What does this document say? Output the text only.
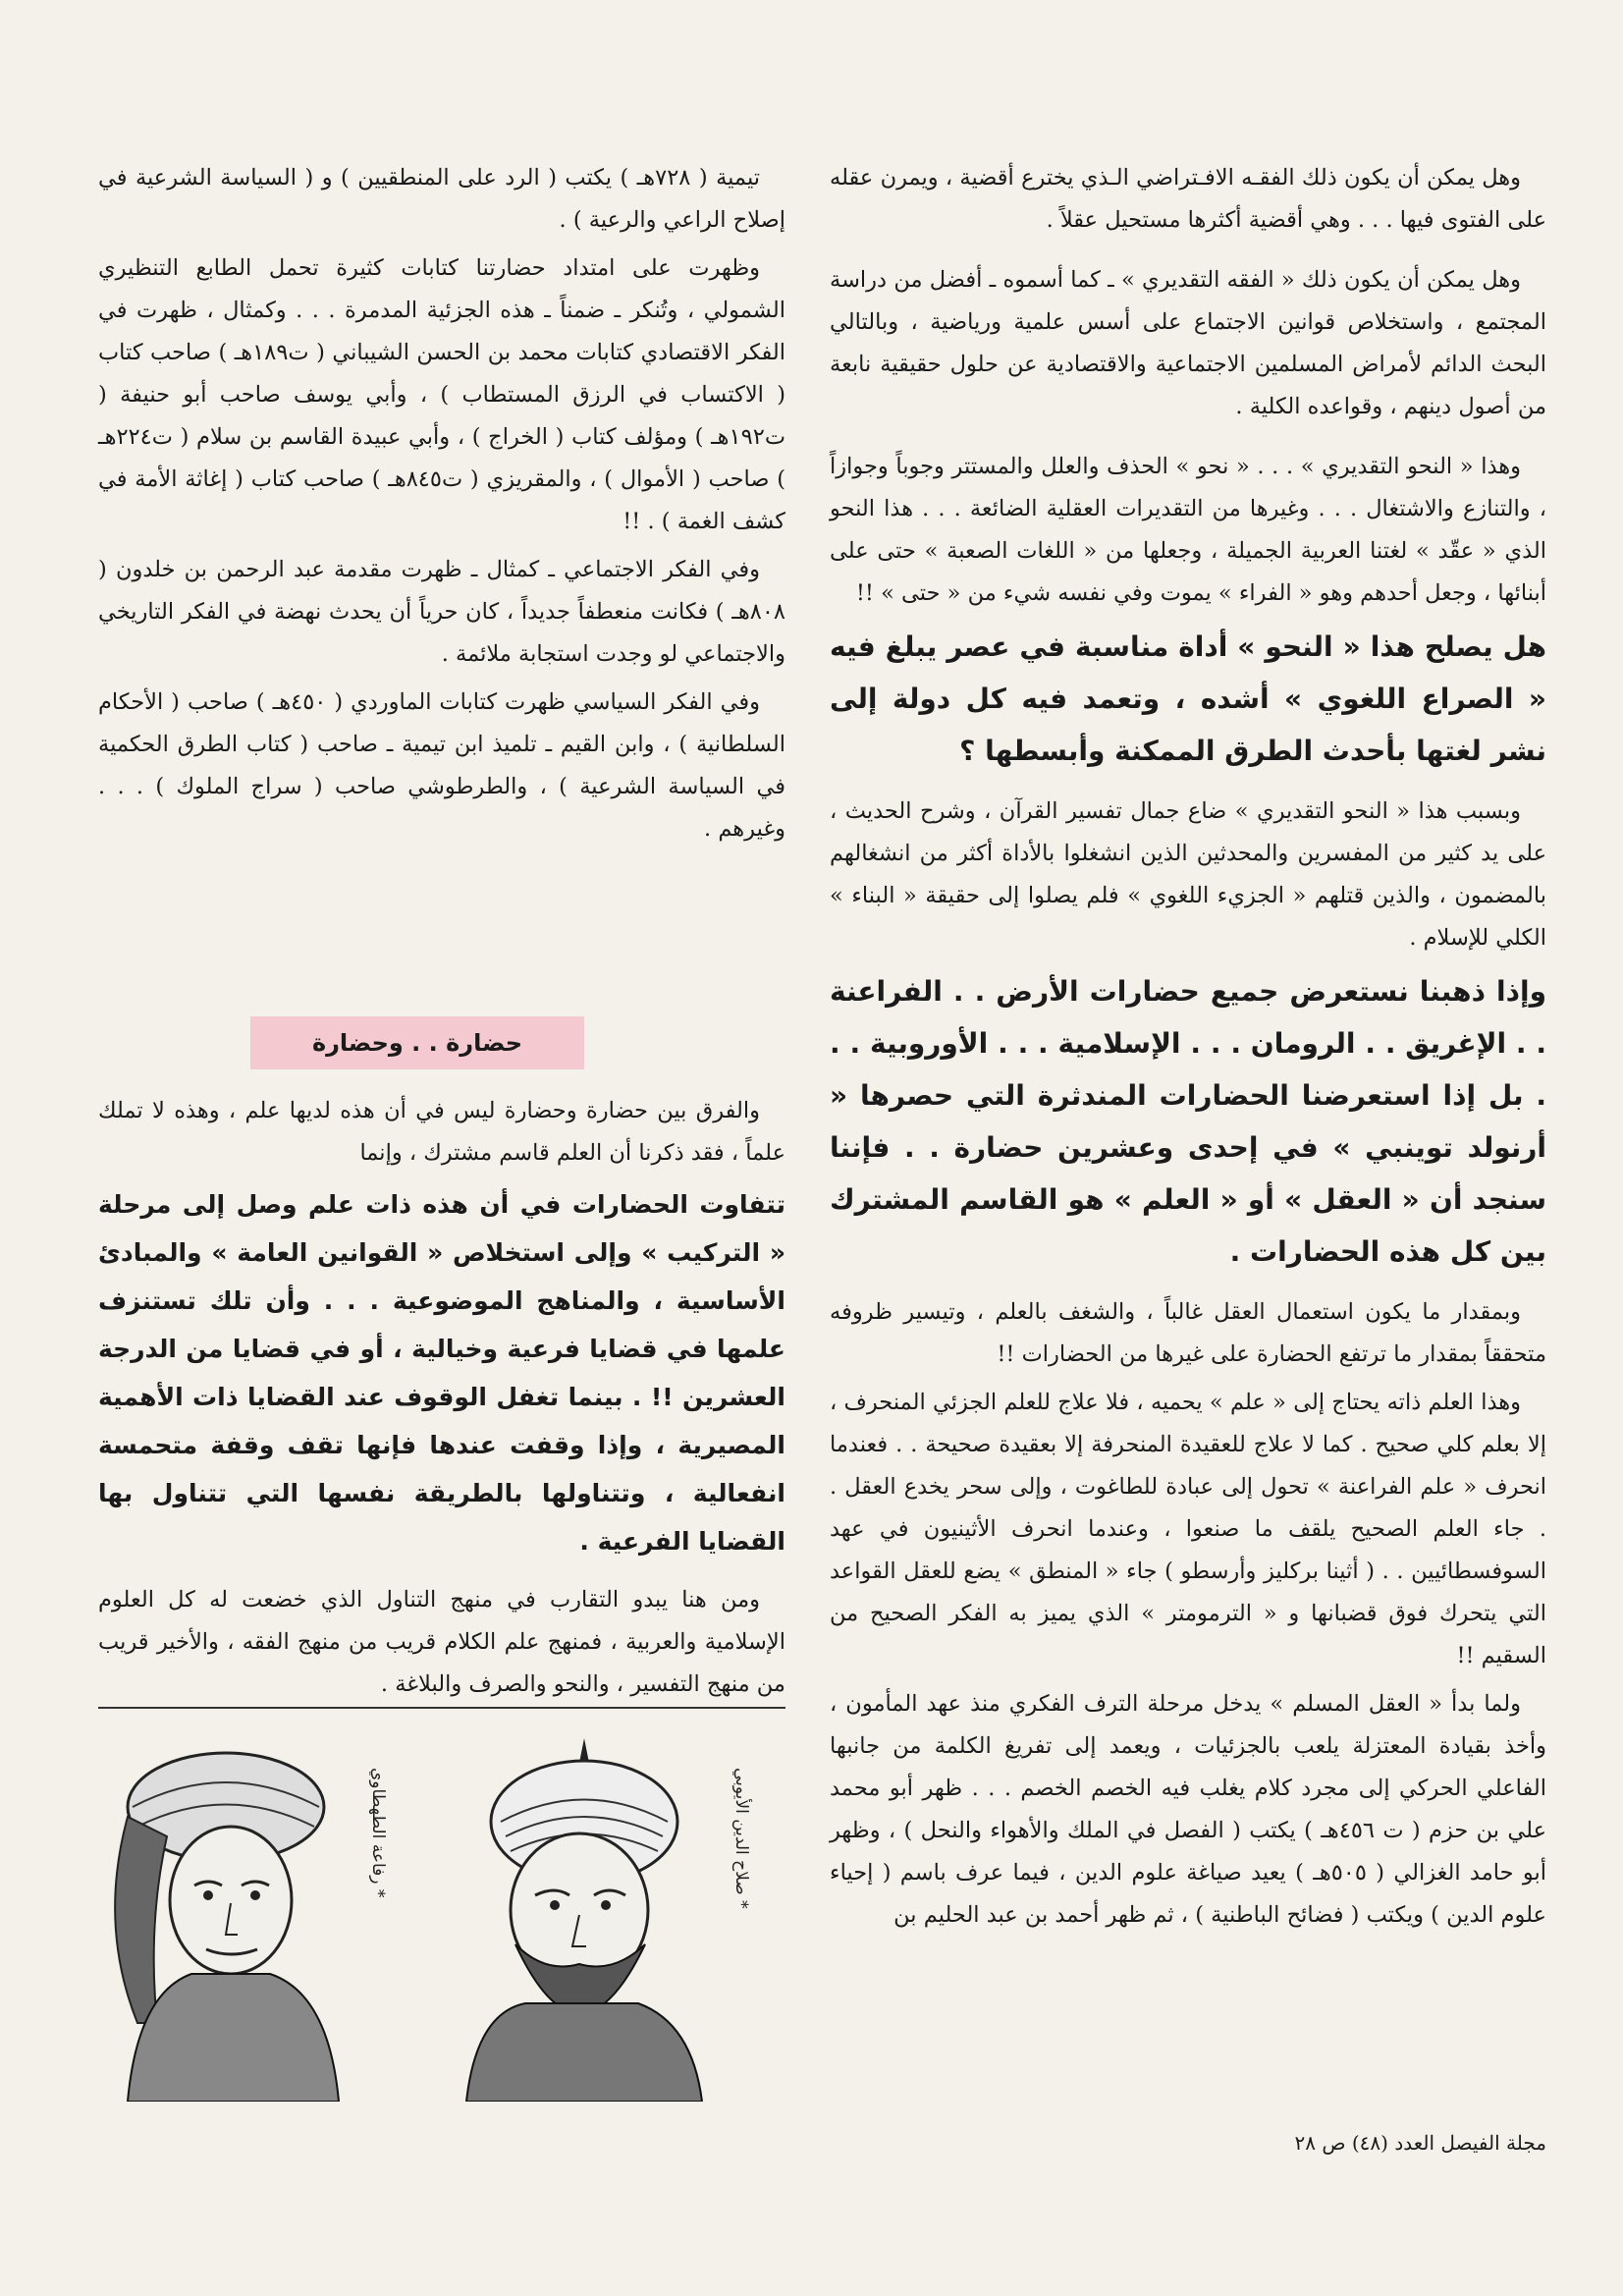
وهل يمكن أن يكون ذلك الفقـه الافـتراضي الـذي يخترع أقضية ، ويمرن عقله على الفتوى فيها . . . وهي أقضية أكثرها مستحيل عقلاً .

وهل يمكن أن يكون ذلك « الفقه التقديري » ـ كما أسموه ـ أفضل من دراسة المجتمع ، واستخلاص قوانين الاجتماع على أسس علمية ورياضية ، وبالتالي البحث الدائم لأمراض المسلمين الاجتماعية والاقتصادية عن حلول حقيقية نابعة من أصول دينهم ، وقواعده الكلية .

وهذا « النحو التقديري » . . . « نحو » الحذف والعلل والمستتر وجوباً وجوازاً ، والتنازع والاشتغال . . . وغيرها من التقديرات العقلية الضائعة . . . هذا النحو الذي « عقّد » لغتنا العربية الجميلة ، وجعلها من « اللغات الصعبة » حتى على أبنائها ، وجعل أحدهم وهو « الفراء » يموت وفي نفسه شيء من « حتى » !!

هل يصلح هذا « النحو » أداة مناسبة في عصر يبلغ فيه « الصراع اللغوي » أشده ، وتعمد فيه كل دولة إلى نشر لغتها بأحدث الطرق الممكنة وأبسطها ؟

وبسبب هذا « النحو التقديري » ضاع جمال تفسير القرآن ، وشرح الحديث ، على يد كثير من المفسرين والمحدثين الذين انشغلوا بالأداة أكثر من انشغالهم بالمضمون ، والذين قتلهم « الجزيء اللغوي » فلم يصلوا إلى حقيقة « البناء » الكلي للإسلام .

وإذا ذهبنا نستعرض جميع حضارات الأرض . . الفراعنة . . الإغريق . . الرومان . . . الإسلامية . . . الأوروبية . . . بل إذا استعرضنا الحضارات المندثرة التي حصرها « أرنولد توينبي » في إحدى وعشرين حضارة . . فإننا سنجد أن « العقل » أو « العلم » هو القاسم المشترك بين كل هذه الحضارات .

وبمقدار ما يكون استعمال العقل غالباً ، والشغف بالعلم ، وتيسير ظروفه متحققاً بمقدار ما ترتفع الحضارة على غيرها من الحضارات !!

وهذا العلم ذاته يحتاج إلى « علم » يحميه ، فلا علاج للعلم الجزئي المنحرف ، إلا بعلم كلي صحيح . كما لا علاج للعقيدة المنحرفة إلا بعقيدة صحيحة . . فعندما انحرف « علم الفراعنة » تحول إلى عبادة للطاغوت ، وإلى سحر يخدع العقل . . جاء العلم الصحيح يلقف ما صنعوا ، وعندما انحرف الأثينيون في عهد السوفسطائيين . . ( أثينا بركليز وأرسطو ) جاء « المنطق » يضع للعقل القواعد التي يتحرك فوق قضبانها و « الترمومتر » الذي يميز به الفكر الصحيح من السقيم !!

ولما بدأ « العقل المسلم » يدخل مرحلة الترف الفكري منذ عهد المأمون ، وأخذ بقيادة المعتزلة يلعب بالجزئيات ، ويعمد إلى تفريغ الكلمة من جانبها الفاعلي الحركي إلى مجرد كلام يغلب فيه الخصم الخصم . . . ظهر أبو محمد علي بن حزم ( ت ٤٥٦هـ ) يكتب ( الفصل في الملك والأهواء والنحل ) ، وظهر أبو حامد الغزالي ( ٥٠٥هـ ) يعيد صياغة علوم الدين ، فيما عرف باسم ( إحياء علوم الدين ) ويكتب ( فضائح الباطنية ) ، ثم ظهر أحمد بن عبد الحليم بن

تيمية ( ٧٢٨هـ ) يكتب ( الرد على المنطقيين ) و ( السياسة الشرعية في إصلاح الراعي والرعية ) .

وظهرت على امتداد حضارتنا كتابات كثيرة تحمل الطابع التنظيري الشمولي ، وتُنكر ـ ضمناً ـ هذه الجزئية المدمرة . . . وكمثال ، ظهرت في الفكر الاقتصادي كتابات محمد بن الحسن الشيباني ( ت١٨٩هـ ) صاحب كتاب ( الاكتساب في الرزق المستطاب ) ، وأبي يوسف صاحب أبو حنيفة ( ت١٩٢هـ ) ومؤلف كتاب ( الخراج ) ، وأبي عبيدة القاسم بن سلام ( ت٢٢٤هـ ) صاحب ( الأموال ) ، والمقريزي ( ت٨٤٥هـ ) صاحب كتاب ( إغاثة الأمة في كشف الغمة ) . !!

وفي الفكر الاجتماعي ـ كمثال ـ ظهرت مقدمة عبد الرحمن بن خلدون ( ٨٠٨هـ ) فكانت منعطفاً جديداً ، كان حرياً أن يحدث نهضة في الفكر التاريخي والاجتماعي لو وجدت استجابة ملائمة .

وفي الفكر السياسي ظهرت كتابات الماوردي ( ٤٥٠هـ ) صاحب ( الأحكام السلطانية ) ، وابن القيم ـ تلميذ ابن تيمية ـ صاحب ( كتاب الطرق الحكمية في السياسة الشرعية ) ، والطرطوشي صاحب ( سراج الملوك ) . . . وغيرهم .

حضارة . . وحضارة

والفرق بين حضارة وحضارة ليس في أن هذه لديها علم ، وهذه لا تملك علماً ، فقد ذكرنا أن العلم قاسم مشترك ، وإنما

تتفاوت الحضارات في أن هذه ذات علم وصل إلى مرحلة « التركيب » وإلى استخلاص « القوانين العامة » والمبادئ الأساسية ، والمناهج الموضوعية . . . وأن تلك تستنزف علمها في قضايا فرعية وخيالية ، أو في قضايا من الدرجة العشرين !! . بينما تغفل الوقوف عند القضايا ذات الأهمية المصيرية ، وإذا وقفت عندها فإنها تقف وقفة متحمسة انفعالية ، وتتناولها بالطريقة نفسها التي تتناول بها القضايا الفرعية .

ومن هنا يبدو التقارب في منهج التناول الذي خضعت له كل العلوم الإسلامية والعربية ، فمنهج علم الكلام قريب من منهج الفقه ، والأخير قريب من منهج التفسير ، والنحو والصرف والبلاغة .

* صلاح الدين الأيوبي
* رفاعة الطهطاوي
مجلة الفيصل العدد (٤٨) ص ٢٨
